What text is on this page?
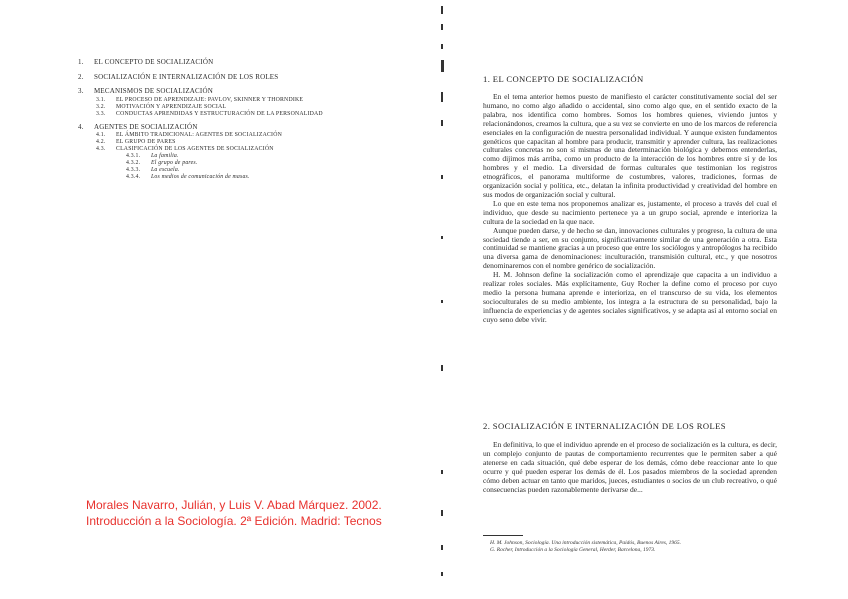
1.	EL CONCEPTO DE SOCIALIZACIÓN
2.	SOCIALIZACIÓN E INTERNALIZACIÓN DE LOS ROLES
3.	MECANISMOS DE SOCIALIZACIÓN
3.1.	EL PROCESO DE APRENDIZAJE: PAVLOV, SKINNER Y THORNDIKE
3.2.	MOTIVACIÓN Y APRENDIZAJE SOCIAL
3.3.	CONDUCTAS APRENDIDAS Y ESTRUCTURACIÓN DE LA PERSONALIDAD
4.	AGENTES DE SOCIALIZACIÓN
4.1.	EL ÁMBITO TRADICIONAL: AGENTES DE SOCIALIZACIÓN
4.2.	EL GRUPO DE PARES
4.3.	CLASIFICACIÓN DE LOS AGENTES DE SOCIALIZACIÓN
4.3.1.	La familia.
4.3.2.	El grupo de pares.
4.3.3.	La escuela.
4.3.4.	Los medios de comunicación de masas.
Morales Navarro, Julián, y Luis V. Abad Márquez. 2002.
Introducción a la Sociología. 2ª Edición. Madrid: Tecnos
1. EL CONCEPTO DE SOCIALIZACIÓN

En el tema anterior hemos puesto de manifiesto el carácter constitutivamente social del ser humano, no como algo añadido o accidental, sino como algo que, en el sentido exacto de la palabra, nos identifica como hombres. Somos los hombres quienes, viviendo juntos y relacionándonos, creamos la cultura, que a su vez se convierte en uno de los marcos de referencia esenciales en la configuración de nuestra personalidad individual. Y aunque existen fundamentos genéticos que capacitan al hombre para producir, transmitir y aprender cultura, las realizaciones culturales concretas no son sí mismas de una determinación biológica y debemos entenderlas, como dijimos más arriba, como un producto de la interacción de los hombres entre sí y de los hombres y el medio. La diversidad de formas culturales que testimonian los registros etnográficos, el panorama multiforme de costumbres, valores, tradiciones, formas de organización social y política, etc., delatan la infinita productividad y creatividad del hombre en sus modos de organización social y cultural.

Lo que en este tema nos proponemos analizar es, justamente, el proceso a través del cual el individuo, que desde su nacimiento pertenece ya a un grupo social, aprende e interioriza la cultura de la sociedad en la que nace.

Aunque pueden darse, y de hecho se dan, innovaciones culturales y progreso, la cultura de una sociedad tiende a ser, en su conjunto, significativamente similar de una generación a otra. Esta continuidad se mantiene gracias a un proceso que entre los sociólogos y antropólogos ha recibido una diversa gama de denominaciones: inculturación, transmisión cultural, etc., y que nosotros denominaremos con el nombre genérico de socialización.

H. M. Johnson define la socialización como el aprendizaje que capacita a un individuo a realizar roles sociales. Más explícitamente, Guy Rocher la define como el proceso por cuyo medio la persona humana aprende e interioriza, en el transcurso de su vida, los elementos socioculturales de su medio ambiente, los integra a la estructura de su personalidad, bajo la influencia de experiencias y de agentes sociales significativos, y se adapta así al entorno social en cuyo seno debe vivir.

2. SOCIALIZACIÓN E INTERNALIZACIÓN DE LOS ROLES

En definitiva, lo que el individuo aprende en el proceso de socialización es la cultura, es decir, un complejo conjunto de pautas de comportamiento recurrentes que le permiten saber a qué atenerse en cada situación, qué debe esperar de los demás, cómo debe reaccionar ante lo que ocurre y qué pueden esperar los demás de él. Los pasados miembros de la sociedad aprenden cómo deben actuar en tanto que maridos, jueces, estudiantes o socios de un club recreativo, o qué consecuencias pueden razonablemente derivarse de...

H. M. Johnson, Sociología. Una introducción sistemática, Paidós, Buenos Aires, 1965.
G. Rocher, Introducción a la Sociología General, Herder, Barcelona, 1973.
